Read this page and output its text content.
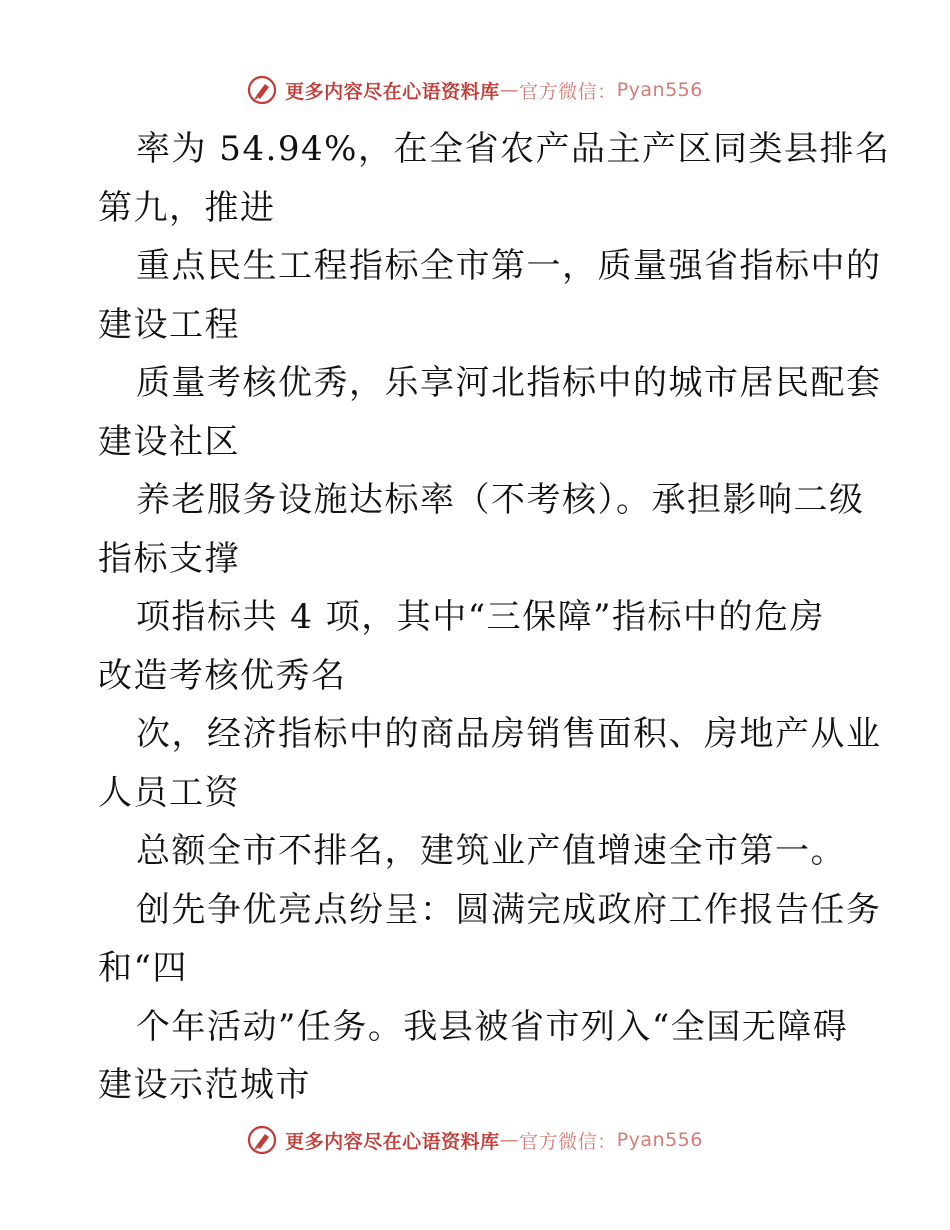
更多内容尽在心语资料库 — 官方微信： Pyan556
率为 54.94%，在全省农产品主产区同类县排名
第九，推进
重点民生工程指标全市第一，质量强省指标中的
建设工程
质量考核优秀，乐享河北指标中的城市居民配套
建设社区
养老服务设施达标率（不考核）。承担影响二级
指标支撑
项指标共 4 项，其中“三保障”指标中的危房
改造考核优秀名
次，经济指标中的商品房销售面积、房地产从业
人员工资
总额全市不排名，建筑业产值增速全市第一。
创先争优亮点纷呈：圆满完成政府工作报告任务
和“四
个年活动”任务。我县被省市列入“全国无障碍
建设示范城市
更多内容尽在心语资料库 — 官方微信： Pyan556
